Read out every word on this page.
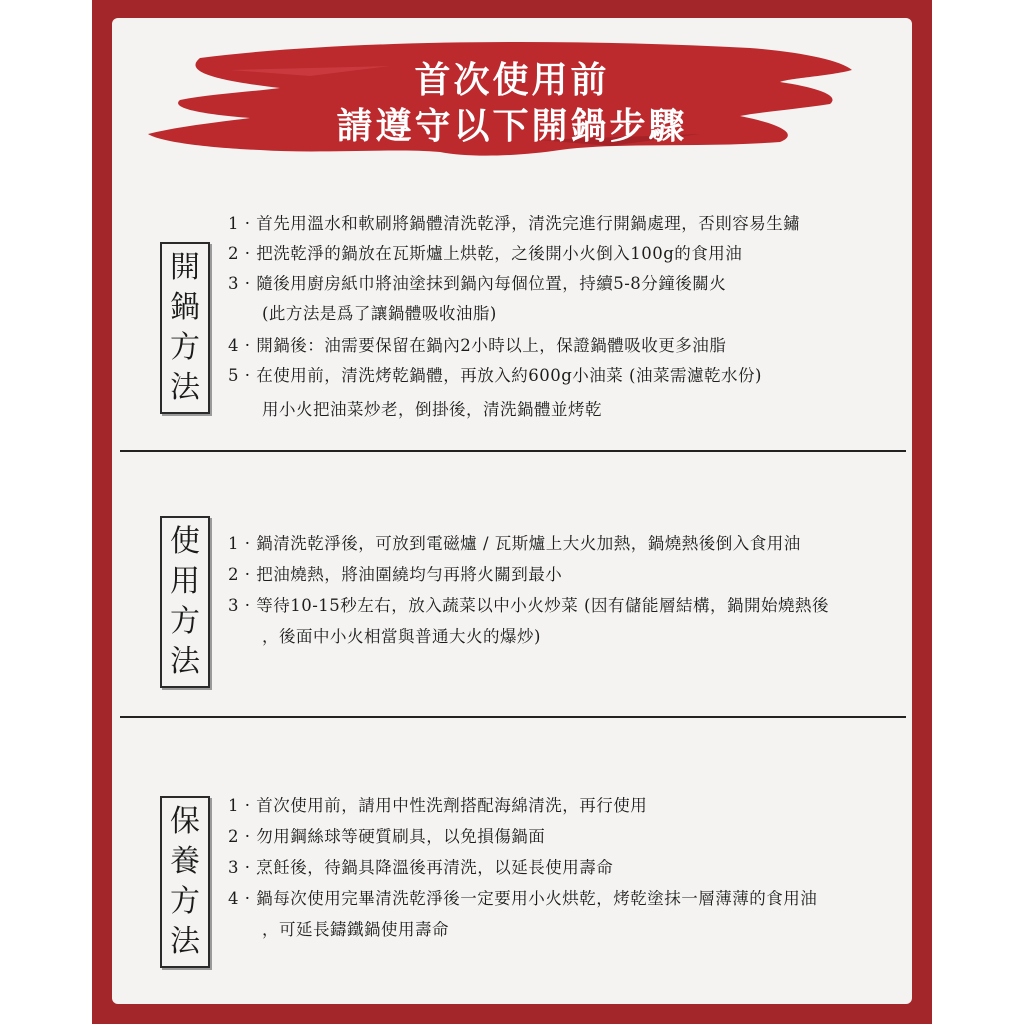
首次使用前
請遵守以下開鍋步驟
開
鍋
方
法
1 · 首先用溫水和軟刷將鍋體清洗乾淨，清洗完進行開鍋處理，否則容易生鏽
2 · 把洗乾淨的鍋放在瓦斯爐上烘乾，之後開小火倒入100g的食用油
3 · 隨後用廚房紙巾將油塗抹到鍋內每個位置，持續5-8分鐘後關火
(此方法是爲了讓鍋體吸收油脂)
4 · 開鍋後：油需要保留在鍋內2小時以上，保證鍋體吸收更多油脂
5 · 在使用前，清洗烤乾鍋體，再放入約600g小油菜 (油菜需濾乾水份)
用小火把油菜炒老，倒掛後，清洗鍋體並烤乾
使
用
方
法
1 · 鍋清洗乾淨後，可放到電磁爐 / 瓦斯爐上大火加熱，鍋燒熱後倒入食用油
2 · 把油燒熱，將油圍繞均勻再將火關到最小
3 · 等待10-15秒左右，放入蔬菜以中小火炒菜 (因有儲能層結構，鍋開始燒熱後
，後面中小火相當與普通大火的爆炒)
保
養
方
法
1 · 首次使用前，請用中性洗劑搭配海綿清洗，再行使用
2 · 勿用鋼絲球等硬質刷具，以免損傷鍋面
3 · 烹飪後，待鍋具降溫後再清洗，以延長使用壽命
4 · 鍋每次使用完畢清洗乾淨後一定要用小火烘乾，烤乾塗抹一層薄薄的食用油
，可延長鑄鐵鍋使用壽命
